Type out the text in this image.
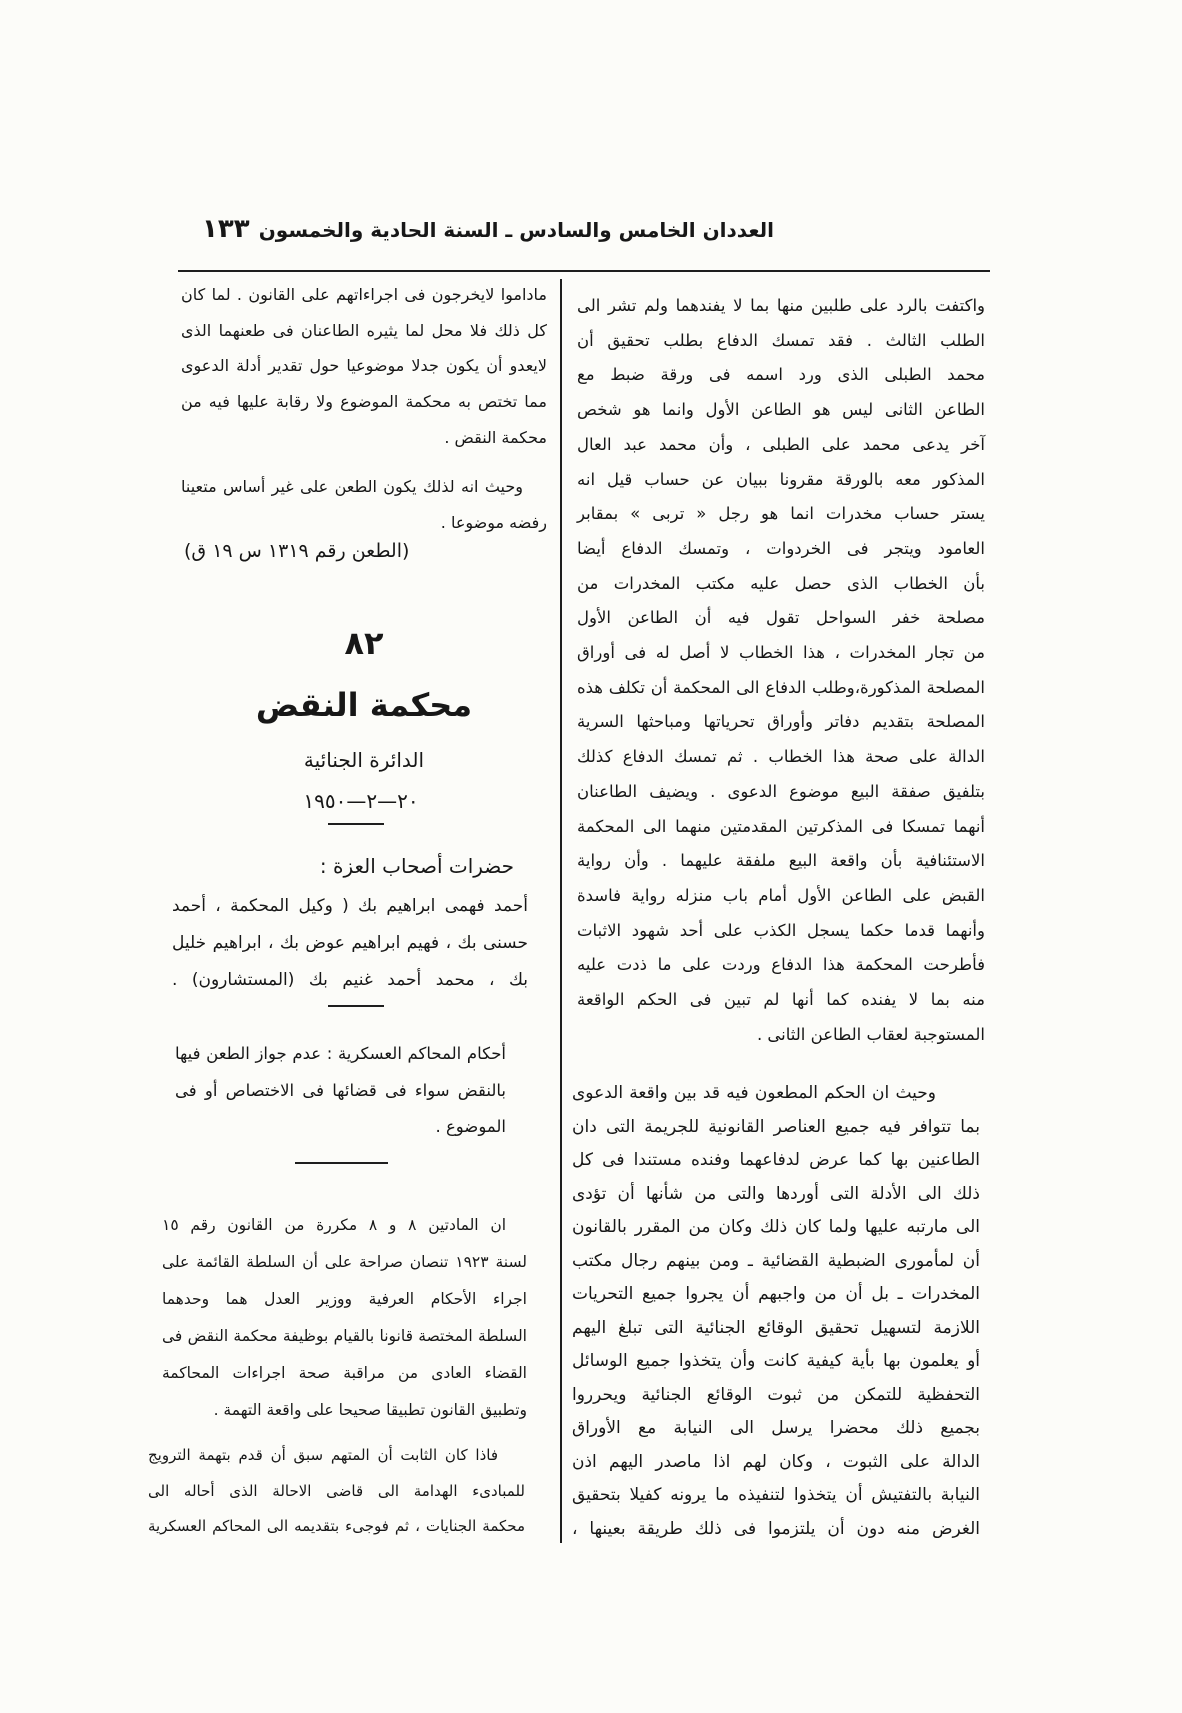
العددان الخامس والسادس ـ السنة الحادية والخمسون
١٣٣
واكتفت بالرد على طلبين منها بما لا يفندهما ولم تشر الى
الطلب الثالث . فقد تمسك الدفاع بطلب تحقيق أن
محمد الطبلى الذى ورد اسمه فى ورقة ضبط مع
الطاعن الثانى ليس هو الطاعن الأول وانما هو شخص
آخر يدعى محمد على الطبلى ، وأن محمد عبد العال
المذكور معه بالورقة مقرونا ببيان عن حساب قيل انه
يستر حساب مخدرات انما هو رجل « تربى » بمقابر
العامود ويتجر فى الخردوات ، وتمسك الدفاع أيضا
بأن الخطاب الذى حصل عليه مكتب المخدرات من
مصلحة خفر السواحل تقول فيه أن الطاعن الأول
من تجار المخدرات ، هذا الخطاب لا أصل له فى أوراق
المصلحة المذكورة،وطلب الدفاع الى المحكمة أن تكلف هذه
المصلحة بتقديم دفاتر وأوراق تحرياتها ومباحثها السرية
الدالة على صحة هذا الخطاب . ثم تمسك الدفاع كذلك
بتلفيق صفقة البيع موضوع الدعوى . ويضيف الطاعنان
أنهما تمسكا فى المذكرتين المقدمتين منهما الى المحكمة
الاستئنافية بأن واقعة البيع ملفقة عليهما . وأن رواية
القبض على الطاعن الأول أمام باب منزله رواية فاسدة
وأنهما قدما حكما يسجل الكذب على أحد شهود الاثبات
فأطرحت المحكمة هذا الدفاع وردت على ما ذدت عليه
منه بما لا يفنده كما أنها لم تبين فى الحكم الواقعة
المستوجبة لعقاب الطاعن الثانى .
وحيث ان الحكم المطعون فيه قد بين واقعة الدعوى
بما تتوافر فيه جميع العناصر القانونية للجريمة التى دان
الطاعنين بها كما عرض لدفاعهما وفنده مستندا فى كل
ذلك الى الأدلة التى أوردها والتى من شأنها أن تؤدى
الى مارتبه عليها ولما كان ذلك وكان من المقرر بالقانون
أن لمأمورى الضبطية القضائية ـ ومن بينهم رجال مكتب
المخدرات ـ بل أن من واجبهم أن يجروا جميع التحريات
اللازمة لتسهيل تحقيق الوقائع الجنائية التى تبلغ اليهم
أو يعلمون بها بأية كيفية كانت وأن يتخذوا جميع الوسائل
التحفظية للتمكن من ثبوت الوقائع الجنائية ويحرروا
بجميع ذلك محضرا يرسل الى النيابة مع الأوراق
الدالة على الثبوت ، وكان لهم اذا ماصدر اليهم اذن
النيابة بالتفتيش أن يتخذوا لتنفيذه ما يرونه كفيلا بتحقيق
الغرض منه دون أن يلتزموا فى ذلك طريقة بعينها ،
ماداموا لايخرجون فى اجراءاتهم على القانون . لما كان
كل ذلك فلا محل لما يثيره الطاعنان فى طعنهما الذى
لايعدو أن يكون جدلا موضوعيا حول تقدير أدلة الدعوى
مما تختص به محكمة الموضوع ولا رقابة عليها فيه من
محكمة النقض .
وحيث انه لذلك يكون الطعن على غير أساس متعينا
رفضه موضوعا .
(الطعن رقم ١٣١٩ س ١٩ ق)
٨٢
محكمة النقض
الدائرة الجنائية
٢٠—٢—١٩٥٠
حضرات أصحاب العزة :
أحمد فهمى ابراهيم بك ( وكيل المحكمة ، أحمد
حسنى بك ، فهيم ابراهيم عوض بك ، ابراهيم خليل
بك ، محمد أحمد غنيم بك (المستشارون) .
أحكام المحاكم العسكرية : عدم جواز الطعن فيها
بالنقض سواء فى قضائها فى الاختصاص أو فى
الموضوع .
ان المادتين ٨ و ٨ مكررة من القانون رقم ١٥
لسنة ١٩٢٣ تنصان صراحة على أن السلطة القائمة على
اجراء الأحكام العرفية ووزير العدل هما وحدهما
السلطة المختصة قانونا بالقيام بوظيفة محكمة النقض فى
القضاء العادى من مراقبة صحة اجراءات المحاكمة
وتطبيق القانون تطبيقا صحيحا على واقعة التهمة .
فاذا كان الثابت أن المتهم سبق أن قدم بتهمة الترويج
للمبادىء الهدامة الى قاضى الاحالة الذى أحاله الى
محكمة الجنايات ، ثم فوجىء بتقديمه الى المحاكم العسكرية
